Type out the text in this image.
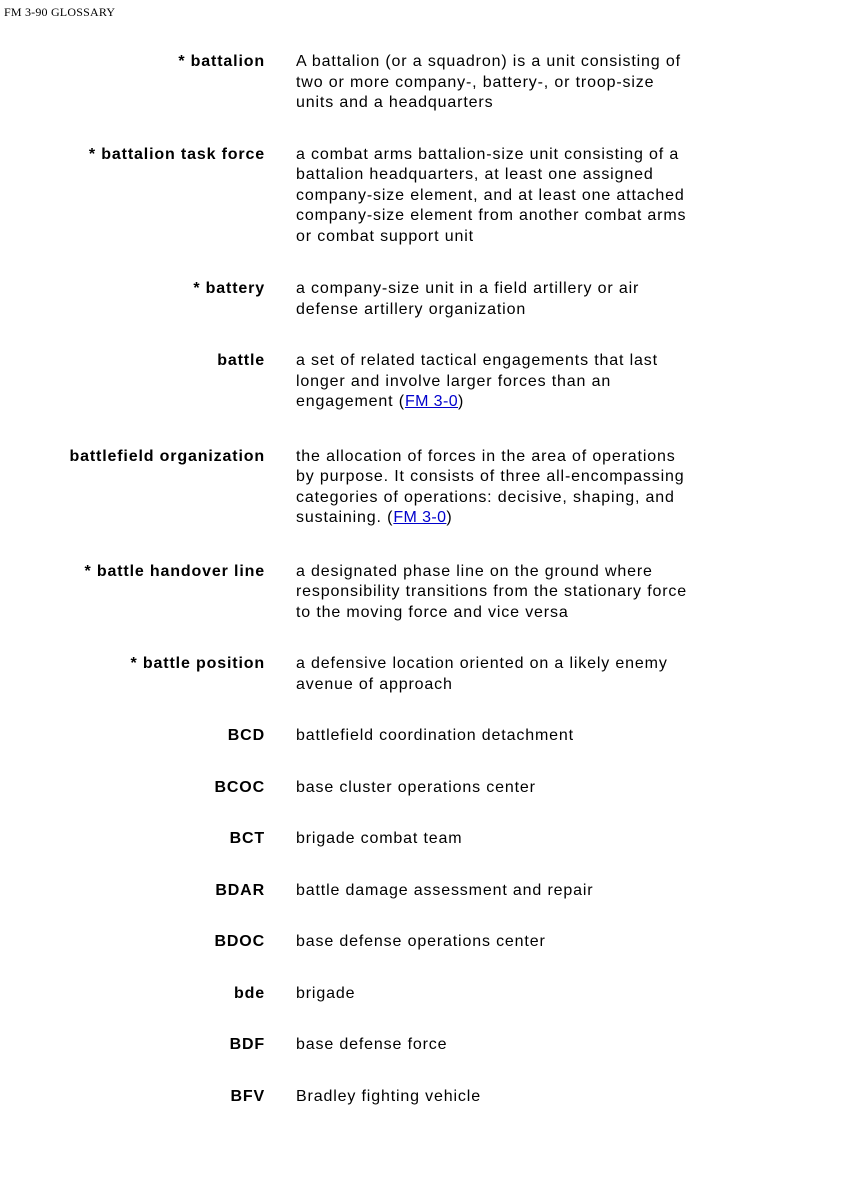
FM 3-90 GLOSSARY
* battalion A battalion (or a squadron) is a unit consisting of
two or more company-, battery-, or troop-size
units and a headquarters
* battalion task force a combat arms battalion-size unit consisting of a
battalion headquarters, at least one assigned
company-size element, and at least one attached
company-size element from another combat arms
or combat support unit
* battery a company-size unit in a field artillery or air
defense artillery organization
battle a set of related tactical engagements that last
longer and involve larger forces than an
engagement (FM 3-0)
battlefield organization the allocation of forces in the area of operations
by purpose. It consists of three all-encompassing
categories of operations: decisive, shaping, and
sustaining. (FM 3-0)
* battle handover line a designated phase line on the ground where
responsibility transitions from the stationary force
to the moving force and vice versa
* battle position a defensive location oriented on a likely enemy
avenue of approach
BCD battlefield coordination detachment
BCOC base cluster operations center
BCT brigade combat team
BDAR battle damage assessment and repair
BDOC base defense operations center
bde brigade
BDF base defense force
BFV Bradley fighting vehicle
